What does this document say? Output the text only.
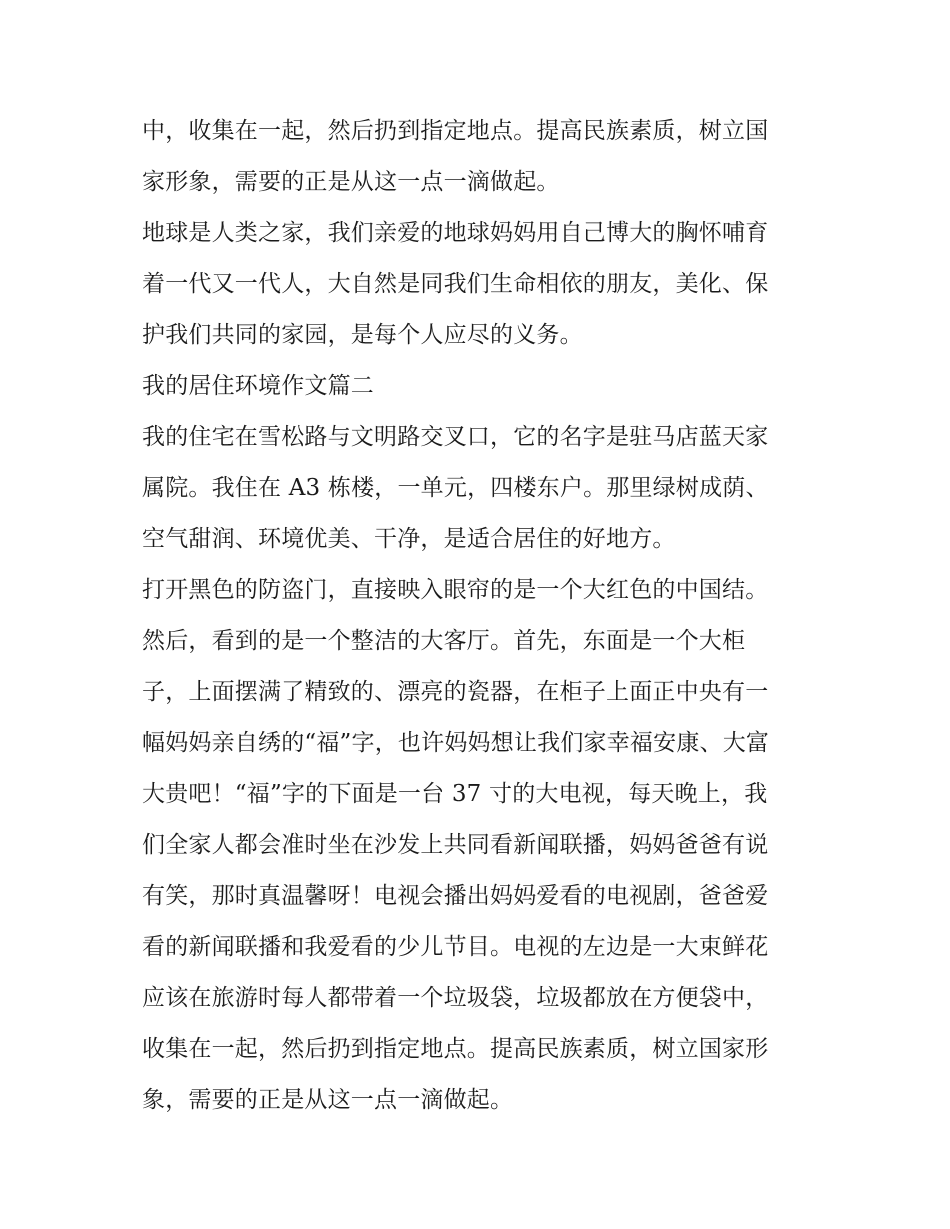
中，收集在一起，然后扔到指定地点。提高民族素质，树立国
家形象，需要的正是从这一点一滴做起。
地球是人类之家，我们亲爱的地球妈妈用自己博大的胸怀哺育
着一代又一代人，大自然是同我们生命相依的朋友，美化、保
护我们共同的家园，是每个人应尽的义务。
我的居住环境作文篇二
我的住宅在雪松路与文明路交叉口，它的名字是驻马店蓝天家
属院。我住在 A3 栋楼，一单元，四楼东户。那里绿树成荫、
空气甜润、环境优美、干净，是适合居住的好地方。
打开黑色的防盗门，直接映入眼帘的是一个大红色的中国结。
然后，看到的是一个整洁的大客厅。首先，东面是一个大柜
子，上面摆满了精致的、漂亮的瓷器，在柜子上面正中央有一
幅妈妈亲自绣的“福”字，也许妈妈想让我们家幸福安康、大富
大贵吧！“福”字的下面是一台 37 寸的大电视，每天晚上，我
们全家人都会准时坐在沙发上共同看新闻联播，妈妈爸爸有说
有笑，那时真温馨呀！电视会播出妈妈爱看的电视剧，爸爸爱
看的新闻联播和我爱看的少儿节目。电视的左边是一大束鲜花
应该在旅游时每人都带着一个垃圾袋，垃圾都放在方便袋中，
收集在一起，然后扔到指定地点。提高民族素质，树立国家形
象，需要的正是从这一点一滴做起。
